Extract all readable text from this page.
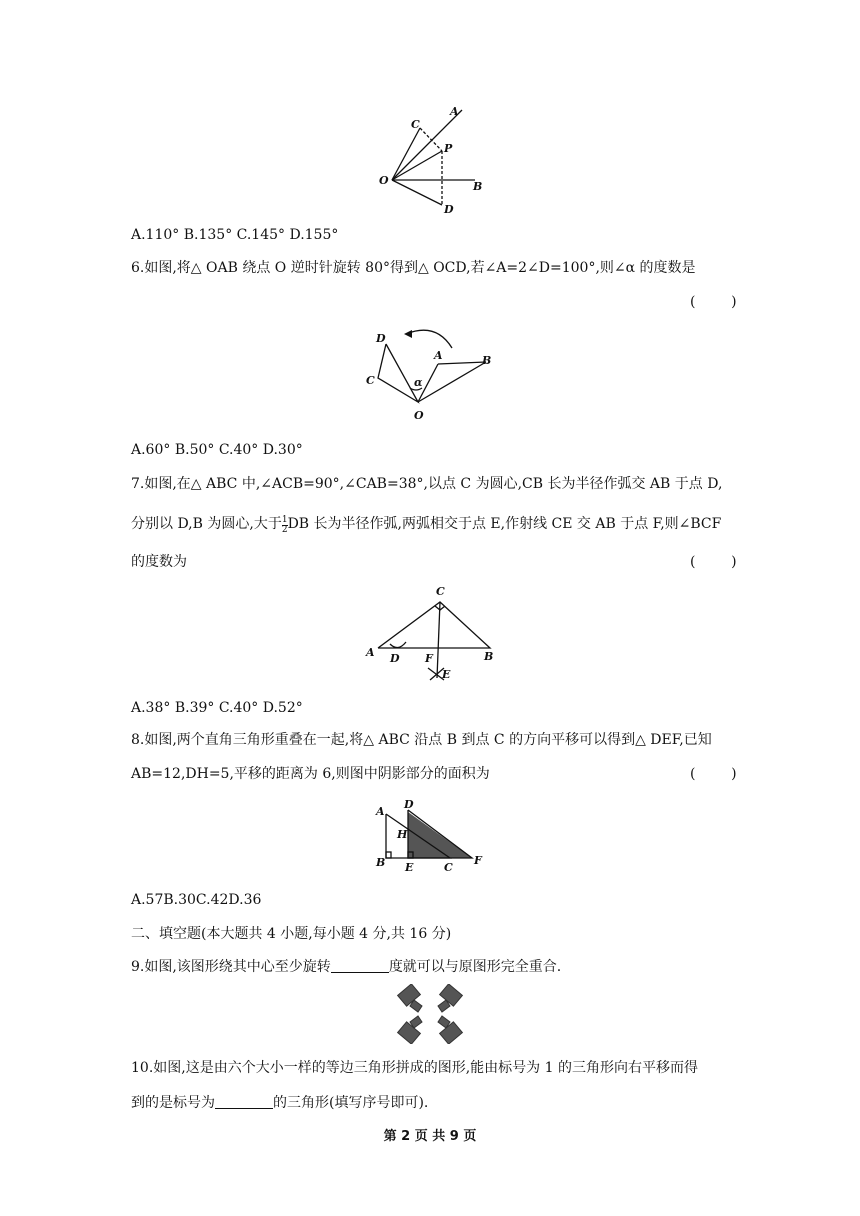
A
C
P
O	B
D
A.110° B.135° C.145° D.155°
6.如图,将△ OAB 绕点 O 逆时针旋转 80°得到△ OCD,若∠A=2∠D=100°,则∠α 的度数是
(        )
D
C
A	B
α
O
A.60° B.50° C.40° D.30°
7.如图,在△ ABC 中,∠ACB=90°,∠CAB=38°,以点 C 为圆心,CB 长为半径作弧交 AB 于点 D,
分别以 D,B 为圆心,大于 $\frac{1}{2}$ DB 长为半径作弧,两弧相交于点 E,作射线 CE 交 AB 于点 F,则∠BCF
的度数为	(        )
C
A D F	B
E
A.38° B.39° C.40° D.52°
8.如图,两个直角三角形重叠在一起,将△ ABC 沿点 B 到点 C 的方向平移可以得到△ DEF,已知
AB=12,DH=5,平移的距离为 6,则图中阴影部分的面积为	(        )
D
A
H
B E	C
F
A.57B.30C.42D.36
二、填空题(本大题共 4 小题,每小题 4 分,共 16 分)
9.如图,该图形绕其中心至少旋转	度就可以与原图形完全重合.
10.如图,这是由六个大小一样的等边三角形拼成的图形,能由标号为 1 的三角形向右平移而得
到的是标号为	的三角形(填写序号即可).
第 2 页 共 9 页
